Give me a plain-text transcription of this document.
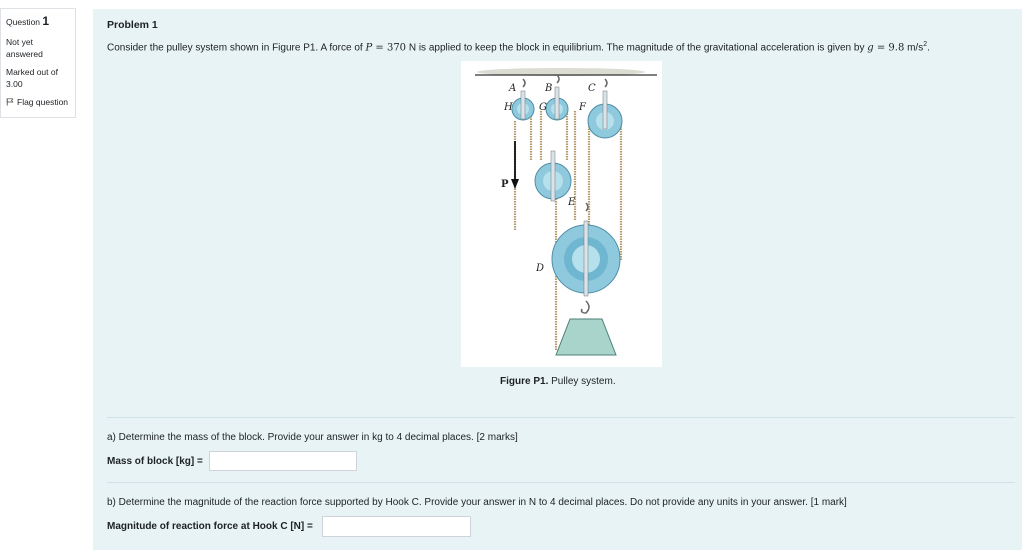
Question 1
Not yet
answered
Marked out of
3.00
Flag question
Problem 1
Consider the pulley system shown in Figure P1. A force of P = 370 N is applied to keep the block in equilibrium. The magnitude of the gravitational acceleration is given by g = 9.8 $m/s^2$.
A	B	C
H	G	F
E
D
P
Figure P1. Pulley system.
a) Determine the mass of the block. Provide your answer in kg to 4 decimal places. [2 marks]
Mass of block [kg] =
b) Determine the magnitude of the reaction force supported by Hook C. Provide your answer in N to 4 decimal places. Do not provide any units in your answer. [1 mark]
Magnitude of reaction force at Hook C [N] =
